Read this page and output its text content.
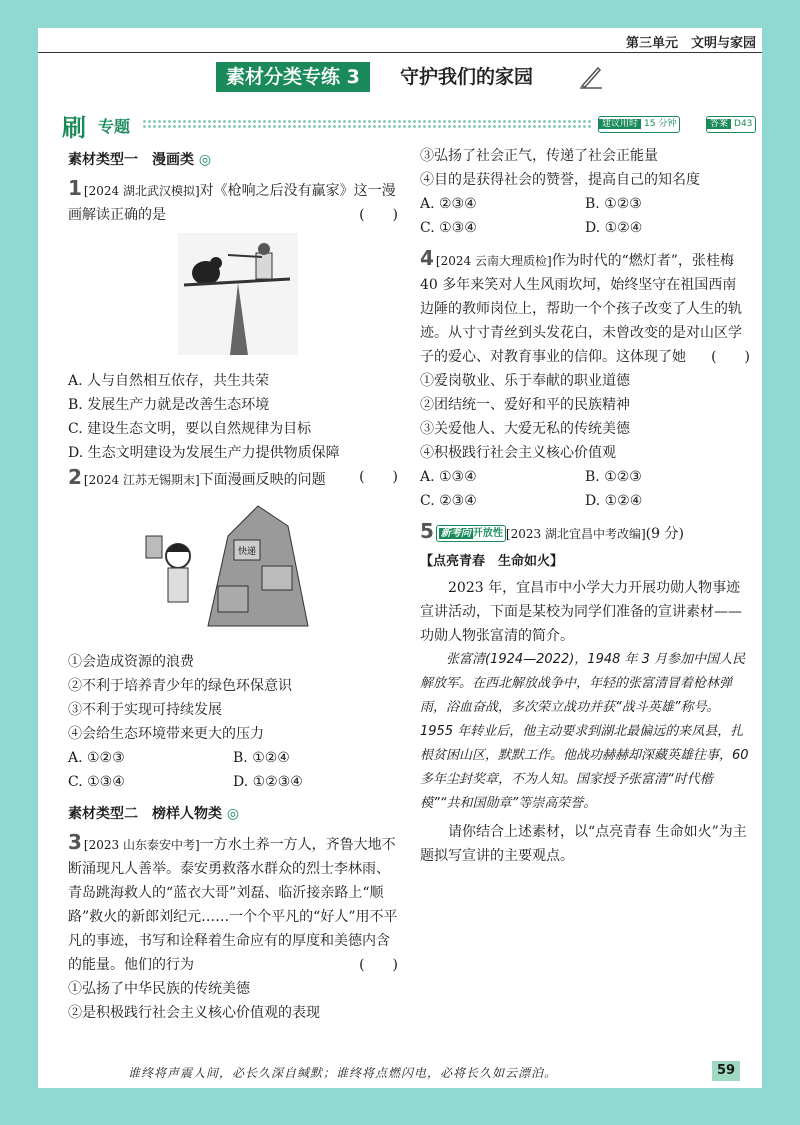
第三单元　文明与家园
素材分类专练 3	守护我们的家园
刷 专题	建议用时 15 分钟	答案 D43
素材类型一　漫画类 ◎

1 [2024 湖北武汉模拟]对《枪响之后没有赢家》这一漫画解读正确的是	(　　)

A. 人与自然相互依存，共生共荣

B. 发展生产力就是改善生态环境

C. 建设生态文明，要以自然规律为目标

D. 生态文明建设为发展生产力提供物质保障

2 [2024 江苏无锡期末]下面漫画反映的问题 (　　)

快递

①会造成资源的浪费

②不利于培养青少年的绿色环保意识

③不利于实现可持续发展

④会给生态环境带来更大的压力

A. ①②③	B. ①②④
C. ①③④	D. ①②③④
素材类型二　榜样人物类 ◎

3 [2023 山东泰安中考]一方水土养一方人，齐鲁大地不断涌现凡人善举。泰安勇救落水群众的烈士李林雨、青岛跳海救人的“蓝衣大哥”刘磊、临沂接亲路上“顺路”救火的新郎刘纪元……一个个平凡的“好人”用不平凡的事迹，书写和诠释着生命应有的厚度和美德内含的能量。他们的行为	(　　)

①弘扬了中华民族的传统美德

②是积极践行社会主义核心价值观的表现

③弘扬了社会正气，传递了社会正能量

④目的是获得社会的赞誉，提高自己的知名度

A. ②③④	B. ①②③
C. ①③④	D. ①②④

4 [2024 云南大理质检]作为时代的“燃灯者”，张桂梅 40 多年来笑对人生风雨坎坷，始终坚守在祖国西南边陲的教师岗位上，帮助一个个孩子改变了人生的轨迹。从寸寸青丝到头发花白，未曾改变的是对山区学子的爱心、对教育事业的信仰。这体现了她 (　　)

①爱岗敬业、乐于奉献的职业道德

②团结统一、爱好和平的民族精神

③关爱他人、大爱无私的传统美德

④积极践行社会主义核心价值观

A. ①③④	B. ①②③
C. ②③④	D. ①②④

5 新考向 开放性 [2023 湖北宜昌中考改编](9 分)

【点亮青春　生命如火】

2023 年，宜昌市中小学大力开展功勋人物事迹宣讲活动，下面是某校为同学们准备的宣讲素材——功勋人物张富清的简介。

张富清(1924—2022)，1948 年 3 月参加中国人民解放军。在西北解放战争中，年轻的张富清冒着枪林弹雨，浴血奋战，多次荣立战功并获“战斗英雄”称号。1955 年转业后，他主动要求到湖北最偏远的来凤县，扎根贫困山区，默默工作。他战功赫赫却深藏英雄往事，60 多年尘封奖章，不为人知。国家授予张富清“时代楷模”“共和国勋章”等崇高荣誉。

请你结合上述素材，以“点亮青春 生命如火”为主题拟写宣讲的主要观点。

谁终将声震人间，必长久深自缄默；谁终将点燃闪电，必将长久如云漂泊。	59
